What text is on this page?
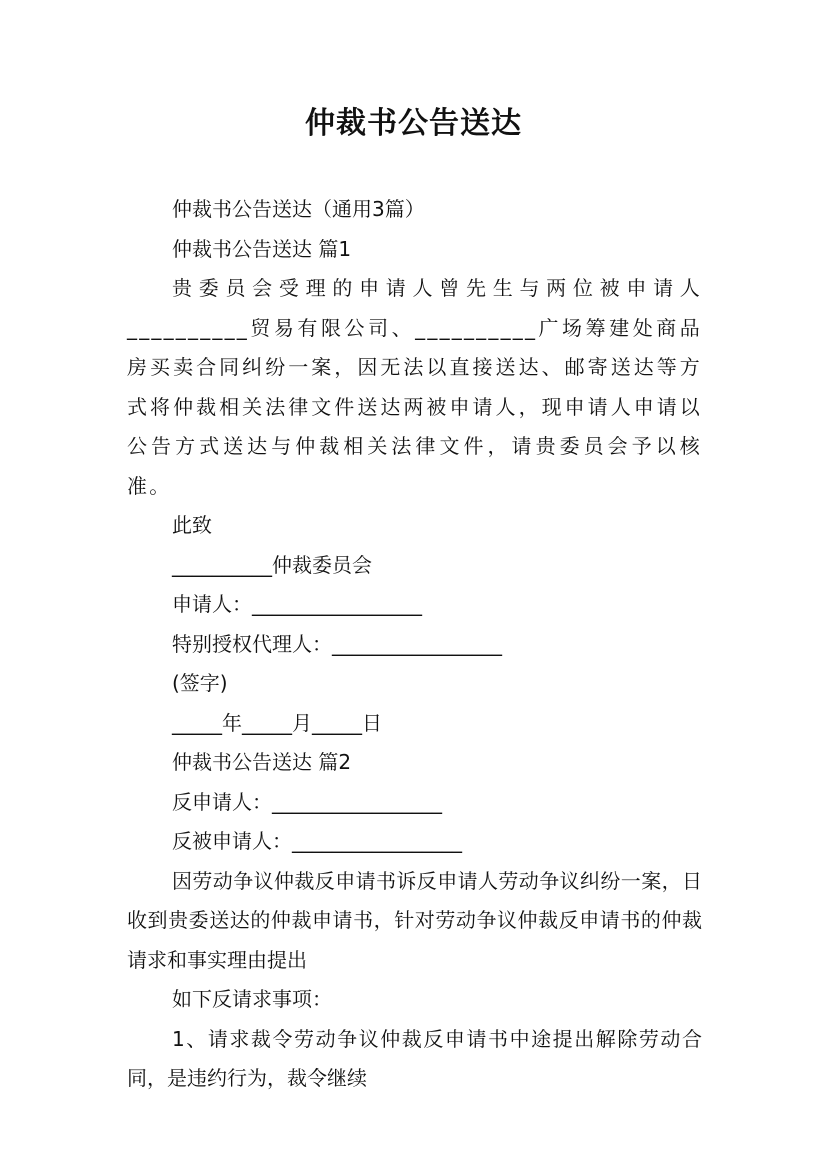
仲裁书公告送达

仲裁书公告送达（通用3篇）

仲裁书公告送达 篇1

贵委员会受理的申请人曾先生与两位被申请人__________贸易有限公司、__________广场筹建处商品房买卖合同纠纷一案，因无法以直接送达、邮寄送达等方式将仲裁相关法律文件送达两被申请人，现申请人申请以公告方式送达与仲裁相关法律文件，请贵委员会予以核准。

此致

__________仲裁委员会

申请人：_________________

特别授权代理人：_________________

(签字)

_____年_____月_____日

仲裁书公告送达 篇2

反申请人：_________________

反被申请人：_________________

因劳动争议仲裁反申请书诉反申请人劳动争议纠纷一案，日收到贵委送达的仲裁申请书，针对劳动争议仲裁反申请书的仲裁请求和事实理由提出

如下反请求事项：

1、请求裁令劳动争议仲裁反申请书中途提出解除劳动合同，是违约行为，裁令继续
